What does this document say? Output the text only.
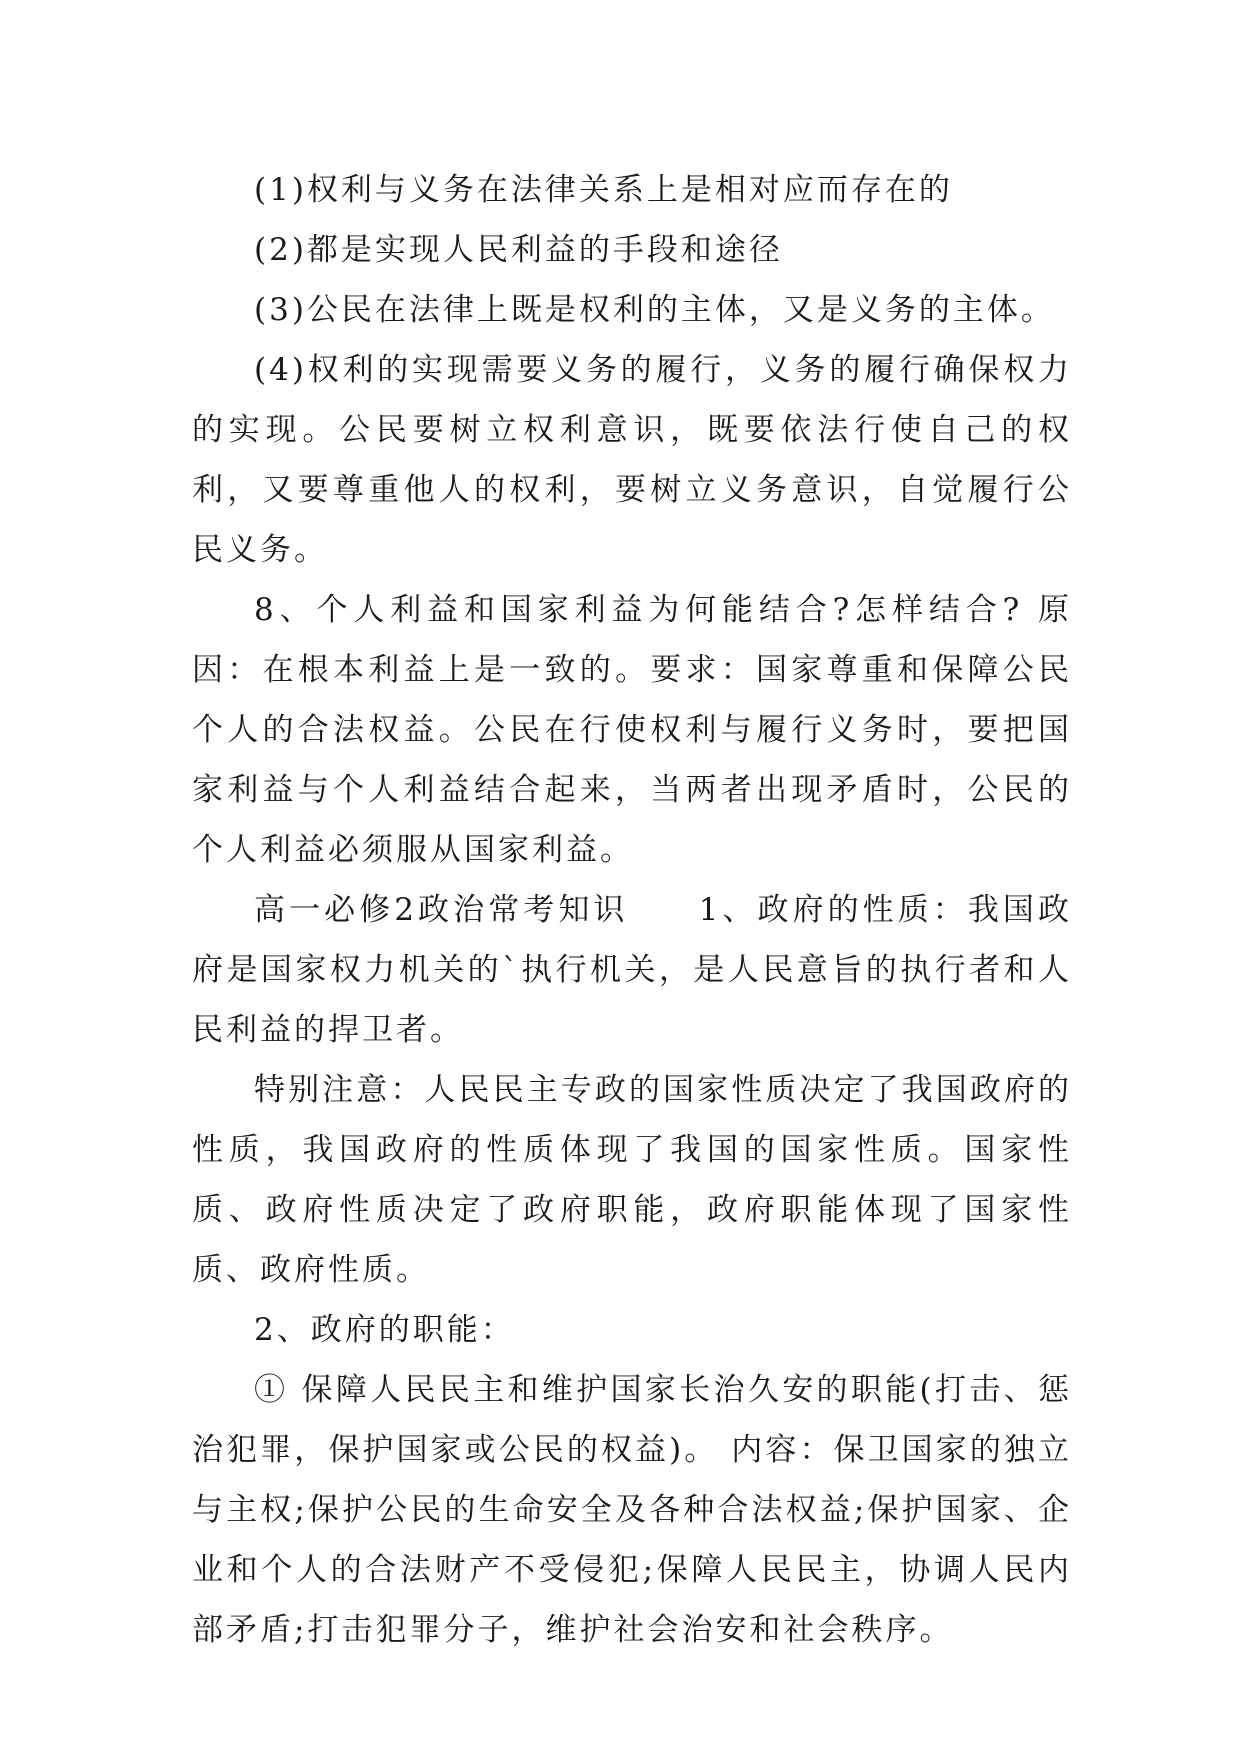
(1)权利与义务在法律关系上是相对应而存在的

(2)都是实现人民利益的手段和途径

(3)公民在法律上既是权利的主体，又是义务的主体。

(4)权利的实现需要义务的履行，义务的履行确保权力的实现。公民要树立权利意识，既要依法行使自己的权利，又要尊重他人的权利，要树立义务意识，自觉履行公民义务。

8、个人利益和国家利益为何能结合?怎样结合? 原因：在根本利益上是一致的。要求：国家尊重和保障公民个人的合法权益。公民在行使权利与履行义务时，要把国家利益与个人利益结合起来，当两者出现矛盾时，公民的个人利益必须服从国家利益。

高一必修2政治常考知识　　1、政府的性质：我国政府是国家权力机关的`执行机关，是人民意旨的执行者和人民利益的捍卫者。

特别注意：人民民主专政的国家性质决定了我国政府的性质，我国政府的性质体现了我国的国家性质。国家性质、政府性质决定了政府职能，政府职能体现了国家性质、政府性质。

2、政府的职能：

① 保障人民民主和维护国家长治久安的职能(打击、惩治犯罪，保护国家或公民的权益)。 内容：保卫国家的独立与主权;保护公民的生命安全及各种合法权益;保护国家、企业和个人的合法财产不受侵犯;保障人民民主，协调人民内部矛盾;打击犯罪分子，维护社会治安和社会秩序。
